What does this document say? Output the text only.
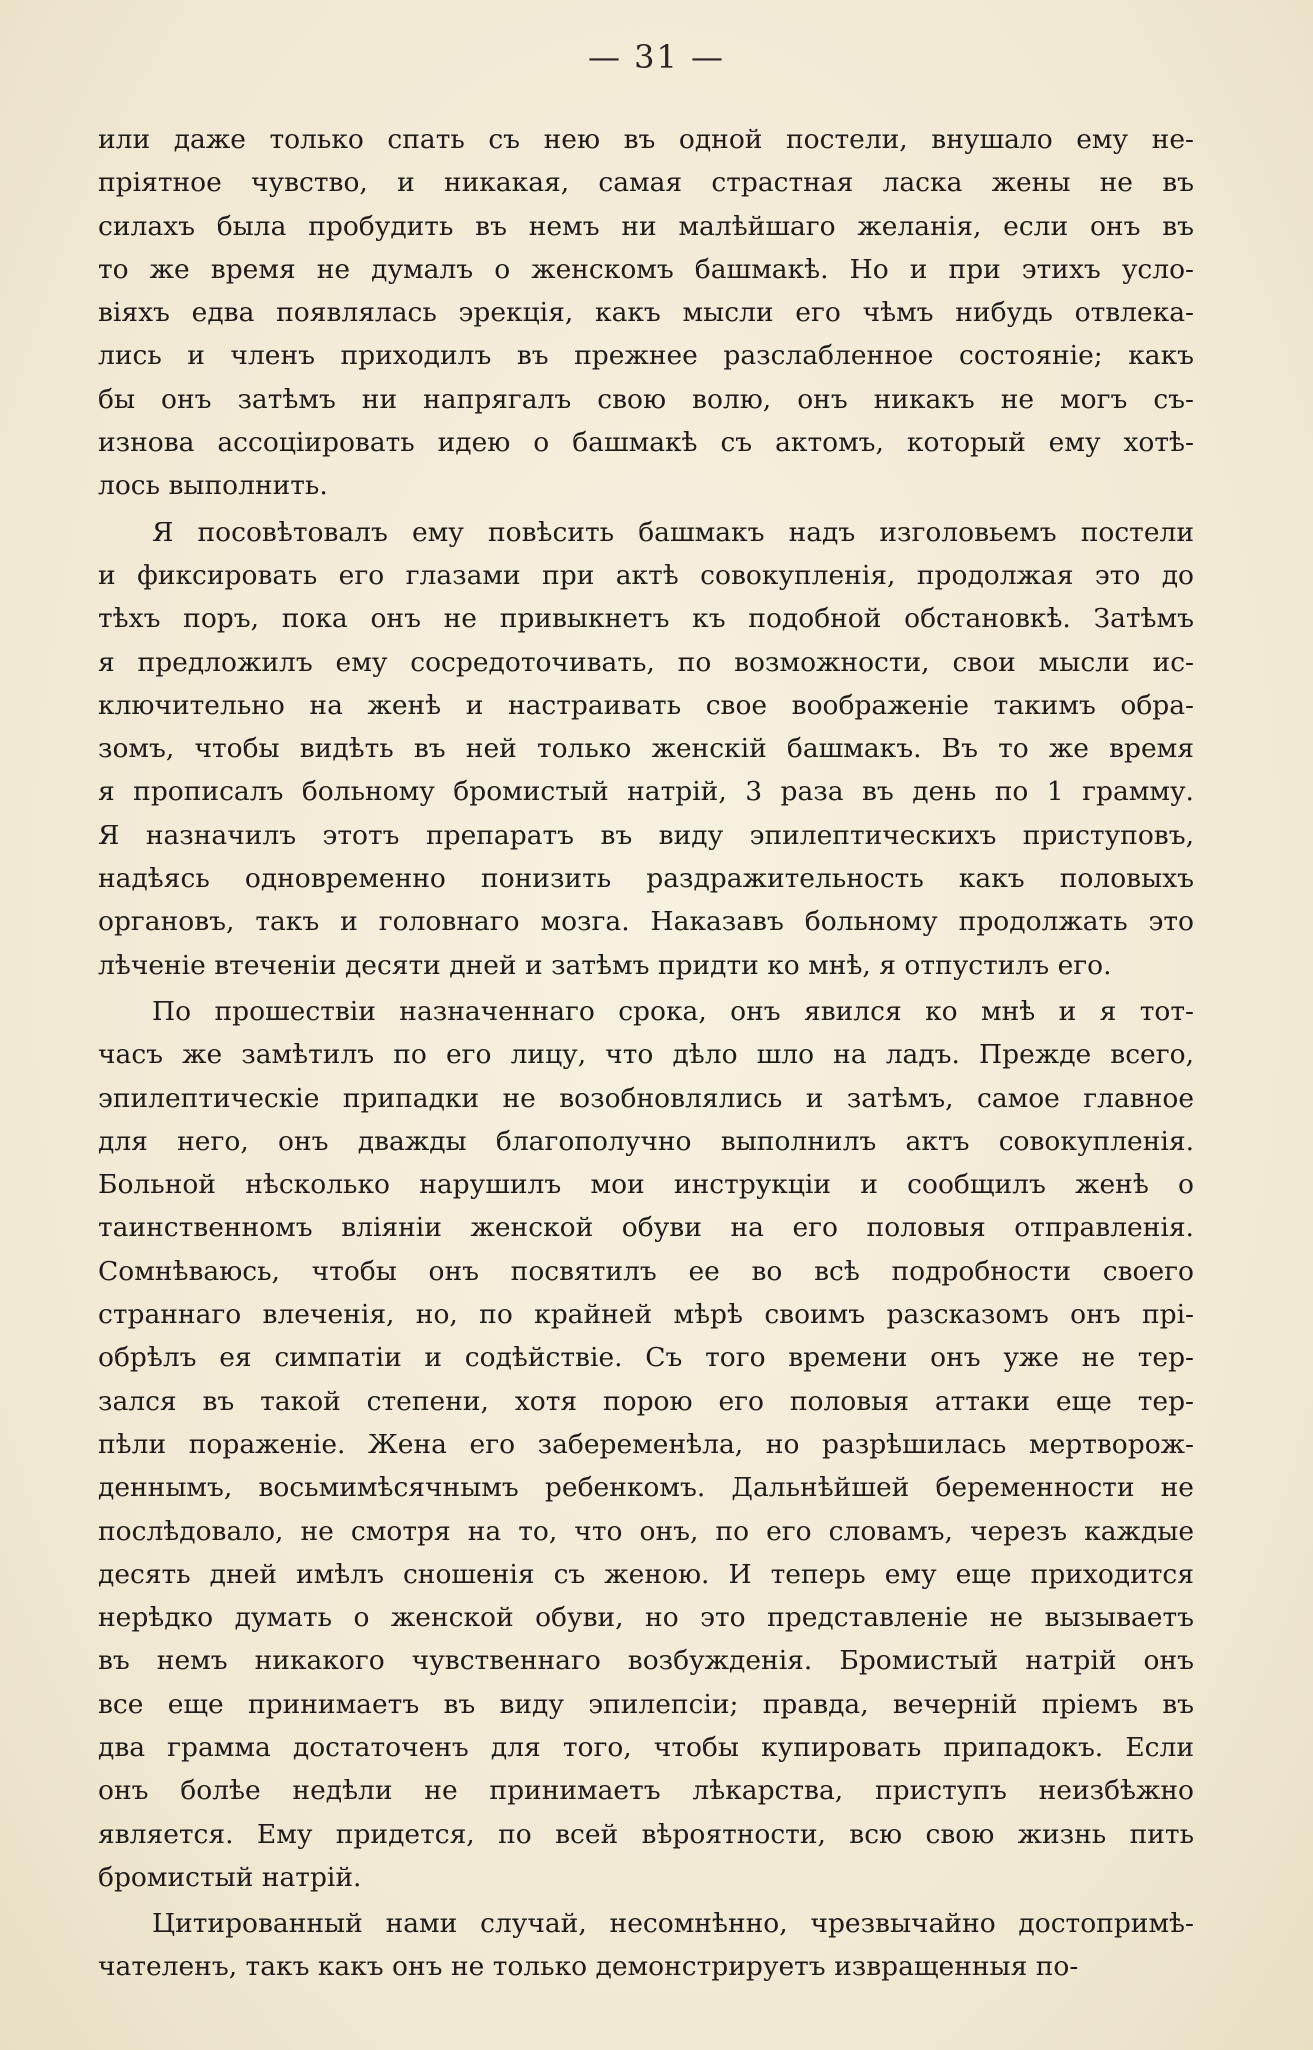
— 31 —
или даже только спать съ нею въ одной постели, внушало ему не-
пріятное чувство, и никакая, самая страстная ласка жены не въ
силахъ была пробудить въ немъ ни малѣйшаго желанія, если онъ въ
то же время не думалъ о женскомъ башмакѣ. Но и при этихъ усло-
віяхъ едва появлялась эрекція, какъ мысли его чѣмъ нибудь отвлека-
лись и членъ приходилъ въ прежнее разслабленное состояніе; какъ
бы онъ затѣмъ ни напрягалъ свою волю, онъ никакъ не могъ съ-
изнова ассоціировать идею о башмакѣ съ актомъ, который ему хотѣ-
лось выполнить.
Я посовѣтовалъ ему повѣсить башмакъ надъ изголовьемъ постели
и фиксировать его глазами при актѣ совокупленія, продолжая это до
тѣхъ поръ, пока онъ не привыкнетъ къ подобной обстановкѣ. Затѣмъ
я предложилъ ему сосредоточивать, по возможности, свои мысли ис-
ключительно на женѣ и настраивать свое воображеніе такимъ обра-
зомъ, чтобы видѣть въ ней только женскій башмакъ. Въ то же время
я прописалъ больному бромистый натрій, 3 раза въ день по 1 грамму.
Я назначилъ этотъ препаратъ въ виду эпилептическихъ приступовъ,
надѣясь одновременно понизить раздражительность какъ половыхъ
органовъ, такъ и головнаго мозга. Наказавъ больному продолжать это
лѣченіе втеченіи десяти дней и затѣмъ придти ко мнѣ, я отпустилъ его.
По прошествіи назначеннаго срока, онъ явился ко мнѣ и я тот-
часъ же замѣтилъ по его лицу, что дѣло шло на ладъ. Прежде всего,
эпилептическіе припадки не возобновлялись и затѣмъ, самое главное
для него, онъ дважды благополучно выполнилъ актъ совокупленія.
Больной нѣсколько нарушилъ мои инструкціи и сообщилъ женѣ о
таинственномъ вліяніи женской обуви на его половыя отправленія.
Сомнѣваюсь, чтобы онъ посвятилъ ее во всѣ подробности своего
страннаго влеченія, но, по крайней мѣрѣ своимъ разсказомъ онъ прі-
обрѣлъ ея симпатіи и содѣйствіе. Съ того времени онъ уже не тер-
зался въ такой степени, хотя порою его половыя аттаки еще тер-
пѣли пораженіе. Жена его забеременѣла, но разрѣшилась мертворож-
деннымъ, восьмимѣсячнымъ ребенкомъ. Дальнѣйшей беременности не
послѣдовало, не смотря на то, что онъ, по его словамъ, черезъ каждые
десять дней имѣлъ сношенія съ женою. И теперь ему еще приходится
нерѣдко думать о женской обуви, но это представленіе не вызываетъ
въ немъ никакого чувственнаго возбужденія. Бромистый натрій онъ
все еще принимаетъ въ виду эпилепсіи; правда, вечерній пріемъ въ
два грамма достаточенъ для того, чтобы купировать припадокъ. Если
онъ болѣе недѣли не принимаетъ лѣкарства, приступъ неизбѣжно
является. Ему придется, по всей вѣроятности, всю свою жизнь пить
бромистый натрій.
Цитированный нами случай, несомнѣнно, чрезвычайно достопримѣ-
чателенъ, такъ какъ онъ не только демонстрируетъ извращенныя по-
